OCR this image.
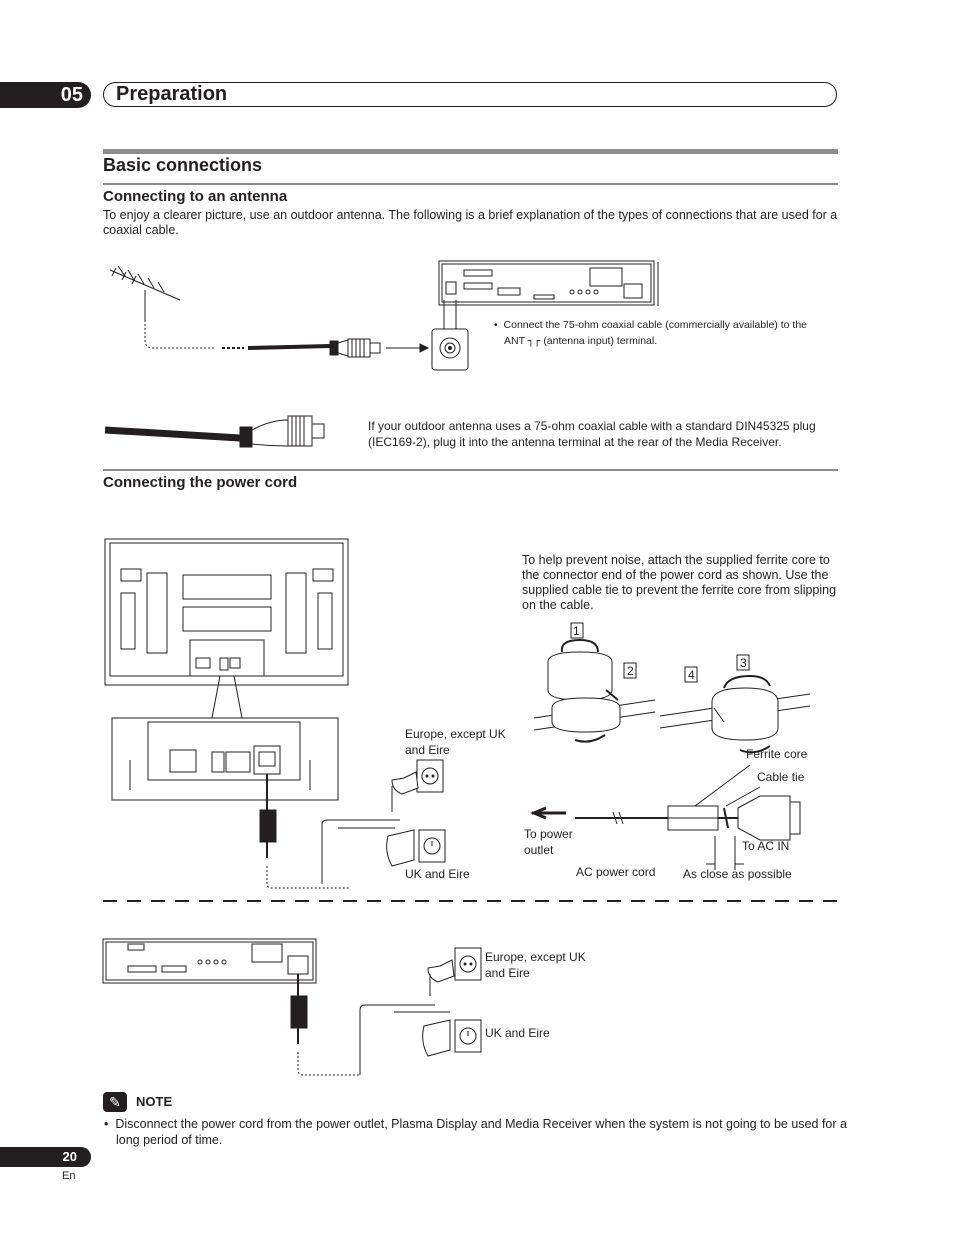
05	Preparation
Basic connections
Connecting to an antenna
To enjoy a clearer picture, use an outdoor antenna. The following is a brief explanation of the types of connections that are used for a coaxial cable.
•  Connect the 75-ohm coaxial cable (commercially available) to the
ANT ┐┌ (antenna input) terminal.
If your outdoor antenna uses a 75-ohm coaxial cable with a standard DIN45325 plug (IEC169-2), plug it into the antenna terminal at the rear of the Media Receiver.
Connecting the power cord
To help prevent noise, attach the supplied ferrite core to the connector end of the power cord as shown. Use the supplied cable tie to prevent the ferrite core from slipping on the cable.
1
2
3
4
Europe, except UK and Eire
UK and Eire
Ferrite core
Cable tie
To power outlet	To AC IN
AC power cord As close as possible
Europe, except UK and Eire
UK and Eire
✎	NOTE
•  Disconnect the power cord from the power outlet, Plasma Display and Media Receiver when the system is not going to be used for a long period of time.
20
En
